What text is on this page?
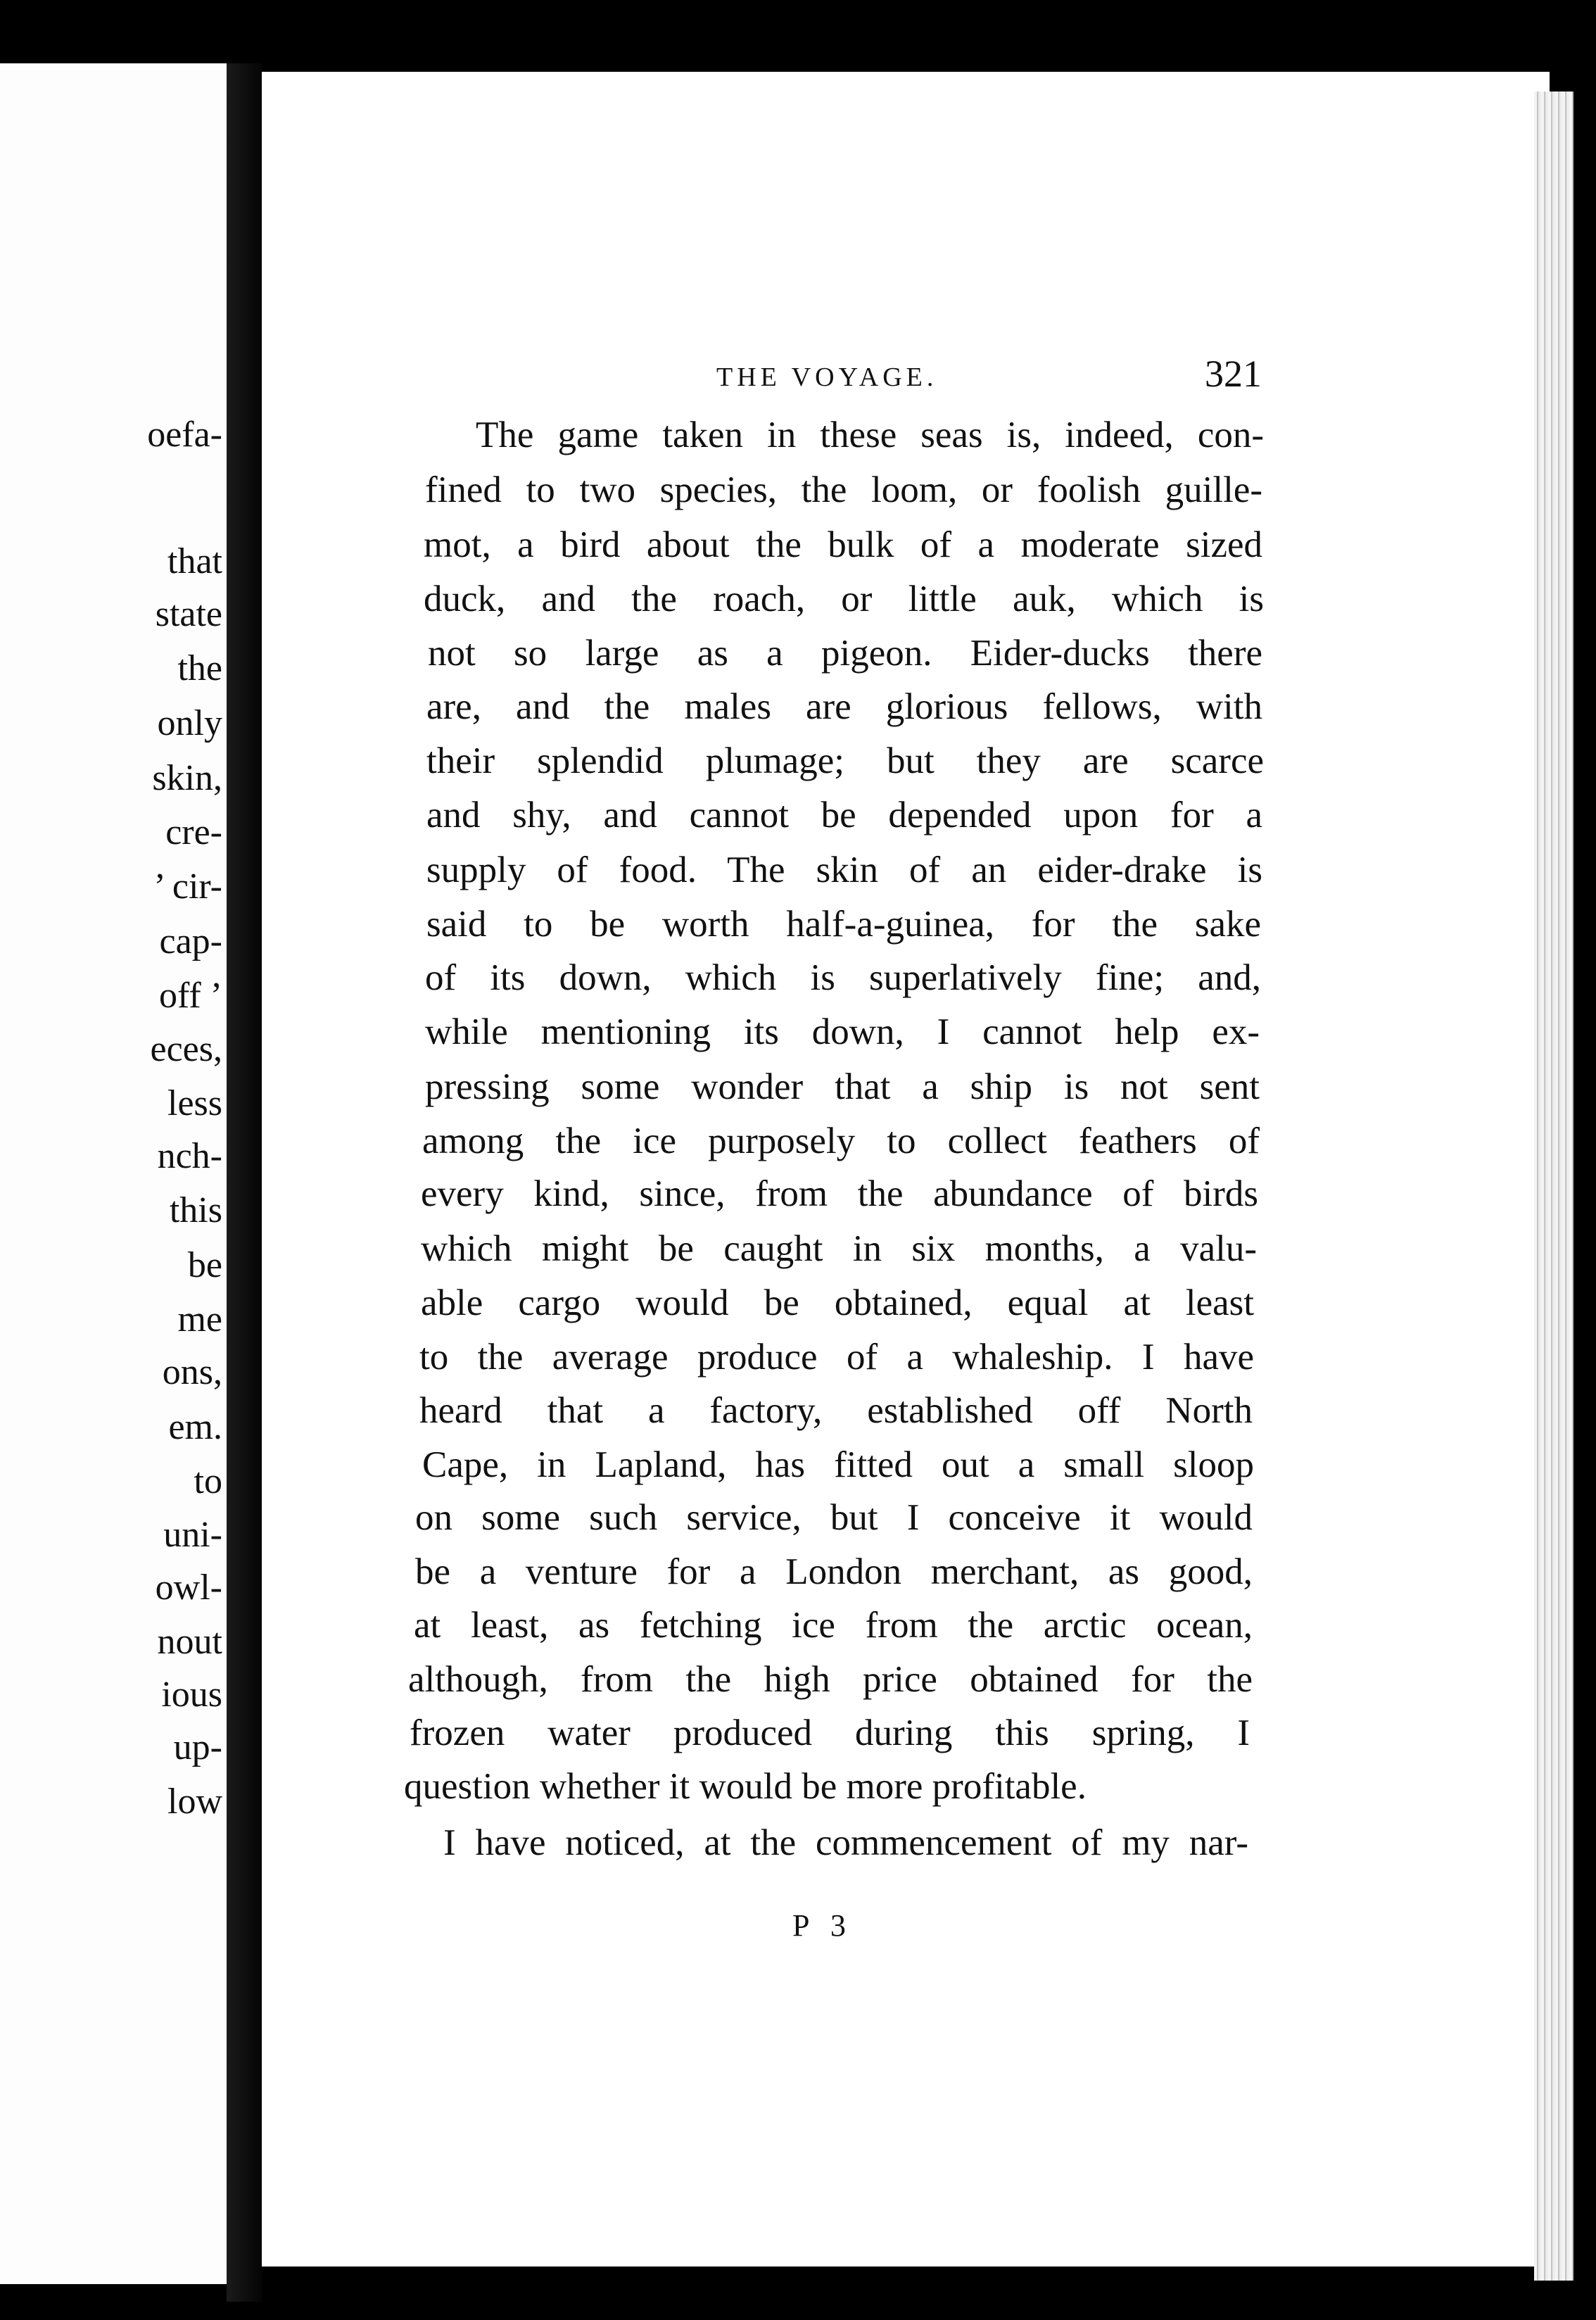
oefa-
that
state
the
only
skin,
cre-
’ cir-
cap-
off ’
eces,
less
nch-
this
be
me
ons,
em.
to
uni-
owl-
nout
ious
up-
low
THE VOYAGE.	321
The game taken in these seas is, indeed, con-
fined to two species, the loom, or foolish guille-
mot, a bird about the bulk of a moderate sized
duck, and the roach, or little auk, which is
not so large as a pigeon. Eider-ducks there
are, and the males are glorious fellows, with
their splendid plumage; but they are scarce
and shy, and cannot be depended upon for a
supply of food. The skin of an eider-drake is
said to be worth half-a-guinea, for the sake
of its down, which is superlatively fine; and,
while mentioning its down, I cannot help ex-
pressing some wonder that a ship is not sent
among the ice purposely to collect feathers of
every kind, since, from the abundance of birds
which might be caught in six months, a valu-
able cargo would be obtained, equal at least
to the average produce of a whaleship. I have
heard that a factory, established off North
Cape, in Lapland, has fitted out a small sloop
on some such service, but I conceive it would
be a venture for a London merchant, as good,
at least, as fetching ice from the arctic ocean,
although, from the high price obtained for the
frozen water produced during this spring, I
question whether it would be more profitable.
I have noticed, at the commencement of my nar-
P 3
